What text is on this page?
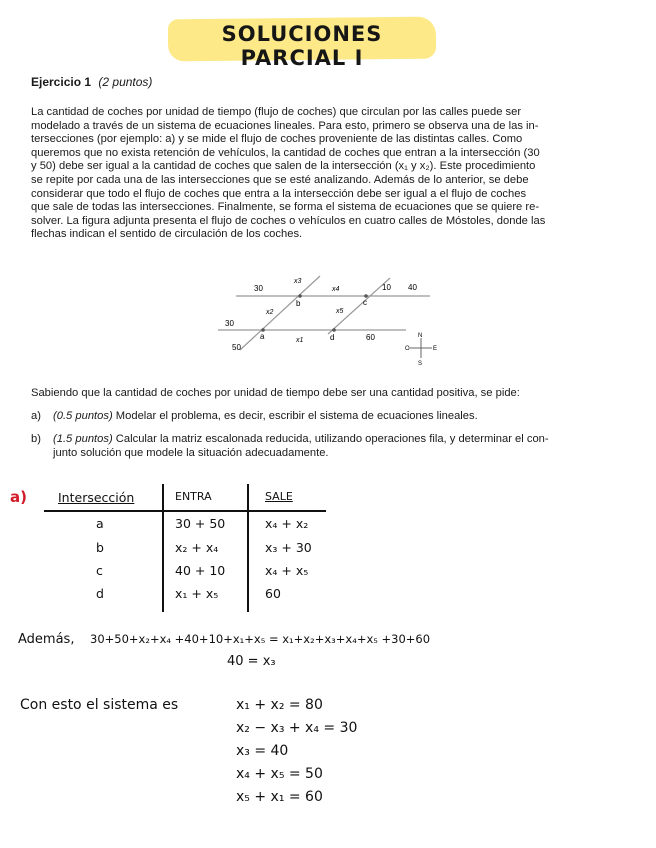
SOLUCIONES PARCIAL I
Ejercicio 1 (2 puntos)
La cantidad de coches por unidad de tiempo (flujo de coches) que circulan por las calles puede ser
modelado a través de un sistema de ecuaciones lineales. Para esto, primero se observa una de las in-
tersecciones (por ejemplo: a) y se mide el flujo de coches proveniente de las distintas calles. Como
queremos que no exista retención de vehículos, la cantidad de coches que entran a la intersección (30
y 50) debe ser igual a la cantidad de coches que salen de la intersección (x₁ y x₂). Este procedimiento
se repite por cada una de las intersecciones que se esté analizando. Además de lo anterior, se debe
considerar que todo el flujo de coches que entra a la intersección debe ser igual a el flujo de coches
que sale de todas las intersecciones. Finalmente, se forma el sistema de ecuaciones que se quiere re-
solver. La figura adjunta presenta el flujo de coches o vehículos en cuatro calles de Móstoles, donde las
flechas indican el sentido de circulación de los coches.
30
x3
x4	10 40
x2
b
x5
c
30
a	x1	d	60
50
N
S
E
O
Sabiendo que la cantidad de coches por unidad de tiempo debe ser una cantidad positiva, se pide:
a) (0.5 puntos) Modelar el problema, es decir, escribir el sistema de ecuaciones lineales.
b) (1.5 puntos) Calcular la matriz escalonada reducida, utilizando operaciones fila, y determinar el con-
junto solución que modele la situación adecuadamente.
a) Intersección	ENTRA	SALE
a	30 + 50	x₄ + x₂
b	x₂ + x₄	x₃ + 30
c	40 + 10	x₄ + x₅
d	x₁ + x₅	60
Además, 30+50+x₂+x₄ +40+10+x₁+x₅ = x₁+x₂+x₃+x₄+x₅ +30+60
40 = x₃
Con esto el sistema es	x₁ + x₂ = 80
x₂ − x₃ + x₄ = 30
x₃ = 40
x₄ + x₅ = 50
x₅ + x₁ = 60
